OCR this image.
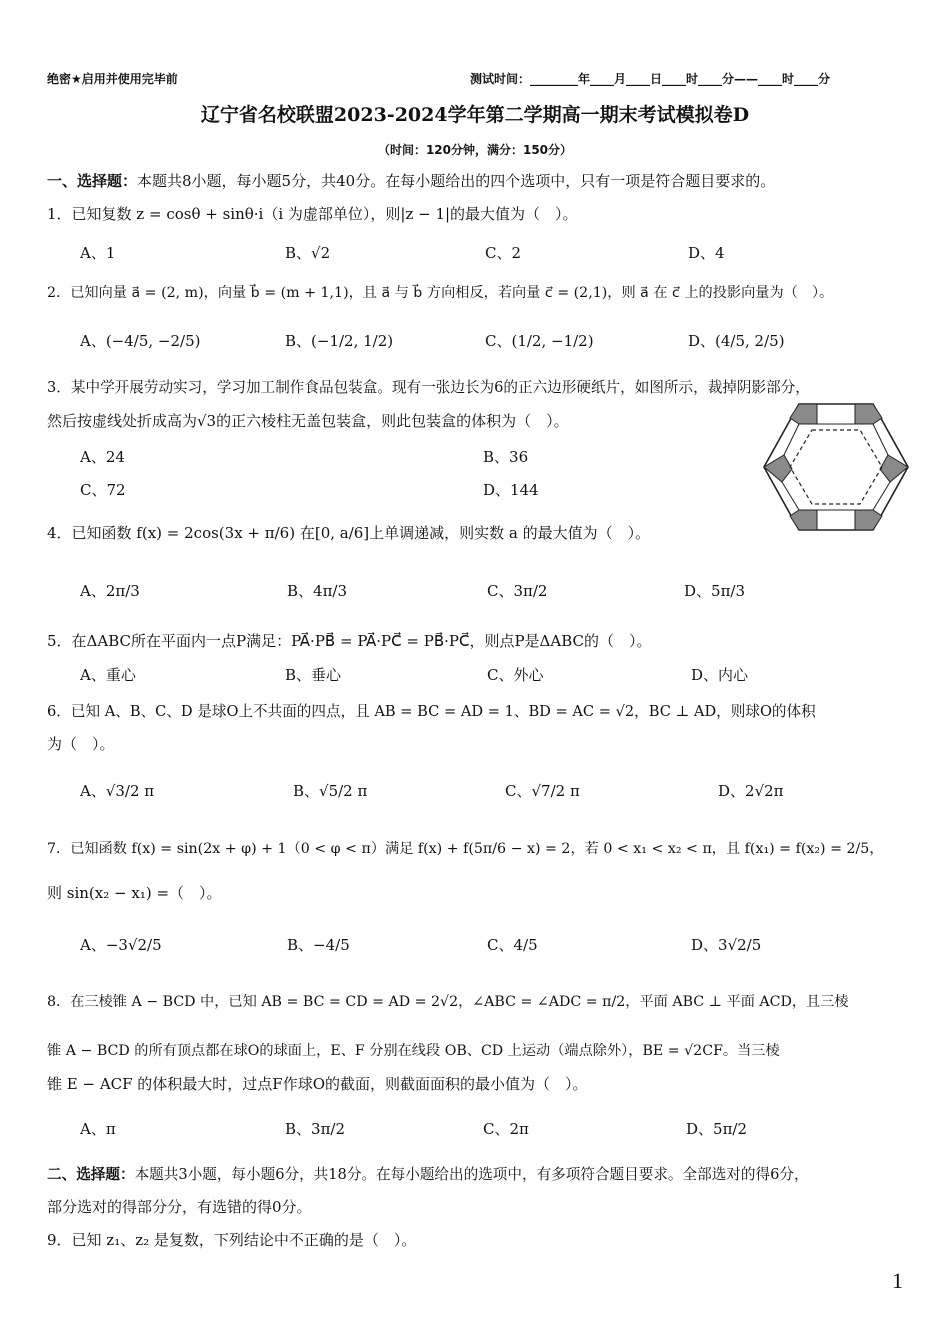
绝密★启用并使用完毕前	测试时间：________年____月____日____时____分——____时____分
辽宁省名校联盟2023-2024学年第二学期高一期末考试模拟卷D
（时间：120分钟，满分：150分）
一、选择题：本题共8小题，每小题5分，共40分。在每小题给出的四个选项中，只有一项是符合题目要求的。
1．已知复数 z = cosθ + sinθ·i（i 为虚部单位），则|z − 1|的最大值为（　）。
A、1	B、√2	C、2	D、4
2．已知向量 a⃗ = (2, m)，向量 b⃗ = (m + 1,1)，且 a⃗ 与 b⃗ 方向相反，若向量 c⃗ = (2,1)，则 a⃗ 在 c⃗ 上的投影向量为（　）。
A、(−4/5, −2/5)	B、(−1/2, 1/2)	C、(1/2, −1/2)	D、(4/5, 2/5)
3．某中学开展劳动实习，学习加工制作食品包装盒。现有一张边长为6的正六边形硬纸片，如图所示，裁掉阴影部分，
然后按虚线处折成高为√3的正六棱柱无盖包装盒，则此包装盒的体积为（　）。
A、24	B、36
C、72	D、144
4．已知函数 f(x) = 2cos(3x + π/6) 在[0, a/6]上单调递减，则实数 a 的最大值为（　）。
A、2π/3	B、4π/3	C、3π/2	D、5π/3
5．在ΔABC所在平面内一点P满足：PA⃗·PB⃗ = PA⃗·PC⃗ = PB⃗·PC⃗，则点P是ΔABC的（　）。
A、重心	B、垂心	C、外心	D、内心
6．已知 A、B、C、D 是球O上不共面的四点，且 AB = BC = AD = 1、BD = AC = √2，BC ⊥ AD，则球O的体积
为（　）。
A、√3/2 π	B、√5/2 π	C、√7/2 π	D、2√2π
7．已知函数 f(x) = sin(2x + φ) + 1（0 < φ < π）满足 f(x) + f(5π/6 − x) = 2，若 0 < x₁ < x₂ < π，且 f(x₁) = f(x₂) = 2/5，
则 sin(x₂ − x₁) =（　）。
A、−3√2/5	B、−4/5	C、4/5	D、3√2/5
8．在三棱锥 A − BCD 中，已知 AB = BC = CD = AD = 2√2，∠ABC = ∠ADC = π/2，平面 ABC ⊥ 平面 ACD，且三棱
锥 A − BCD 的所有顶点都在球O的球面上，E、F 分别在线段 OB、CD 上运动（端点除外），BE = √2CF。当三棱
锥 E − ACF 的体积最大时，过点F作球O的截面，则截面面积的最小值为（　）。
A、π	B、3π/2	C、2π	D、5π/2
二、选择题：本题共3小题，每小题6分，共18分。在每小题给出的选项中，有多项符合题目要求。全部选对的得6分，
部分选对的得部分分，有选错的得0分。
9．已知 z₁、z₂ 是复数，下列结论中不正确的是（　）。
1
